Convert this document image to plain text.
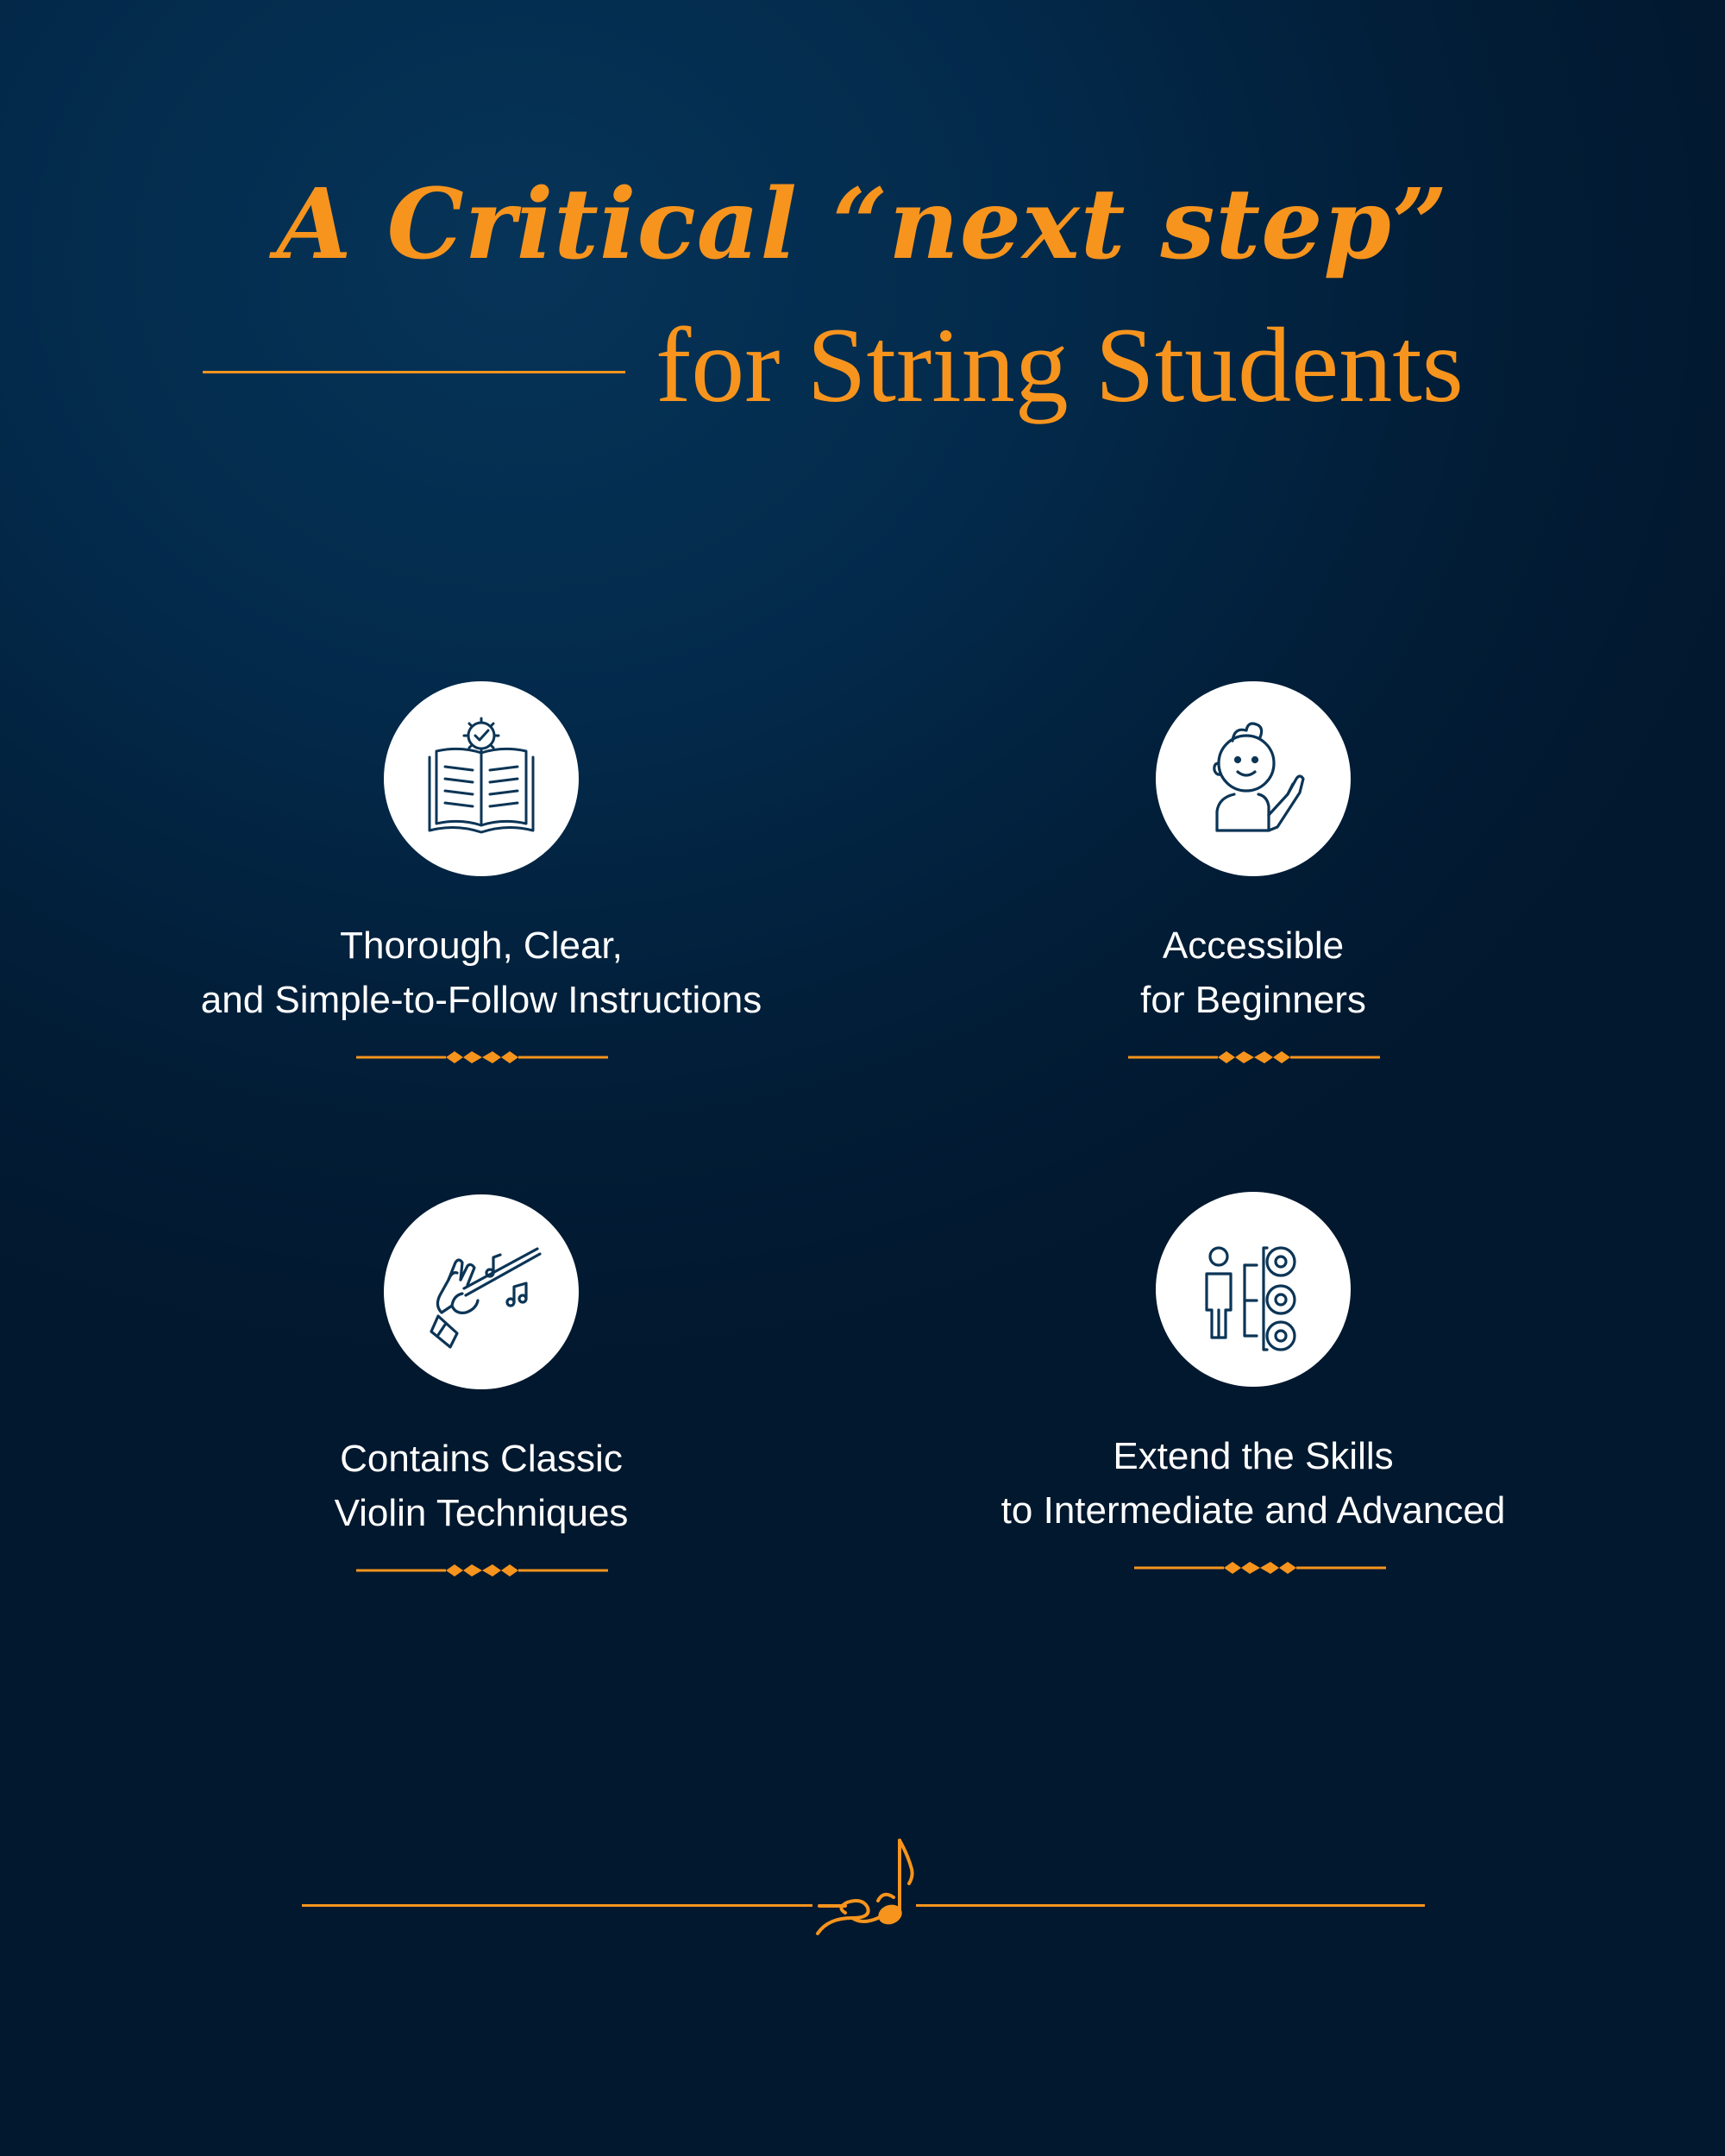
A Critical “next step”
for String Students
Thorough, Clear,
and Simple-to-Follow Instructions
Accessible
for Beginners
Contains Classic
Violin Techniques
Extend the Skills
to Intermediate and Advanced
